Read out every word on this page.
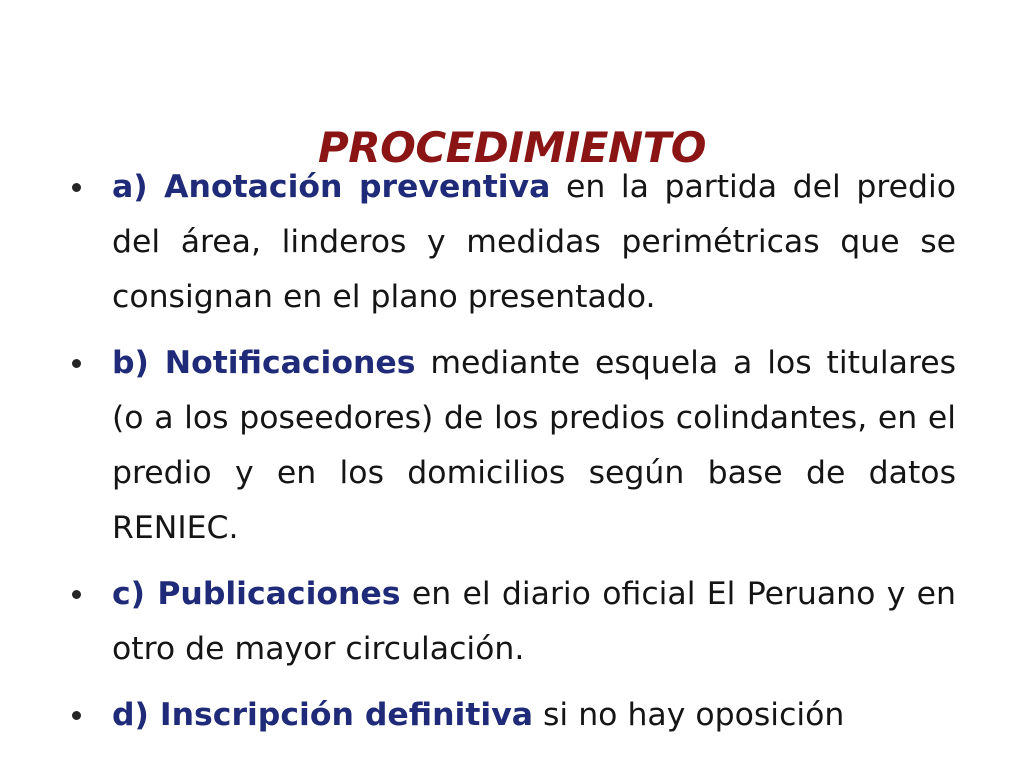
PROCEDIMIENTO
a) Anotación preventiva en la partida del predio del área, linderos y medidas perimétricas que se consignan en el plano presentado.
b) Notificaciones mediante esquela a los titulares (o a los poseedores) de los predios colindantes, en el predio y en los domicilios según base de datos RENIEC.
c) Publicaciones en el diario oficial El Peruano y en otro de mayor circulación.
d) Inscripción definitiva si no hay oposición
